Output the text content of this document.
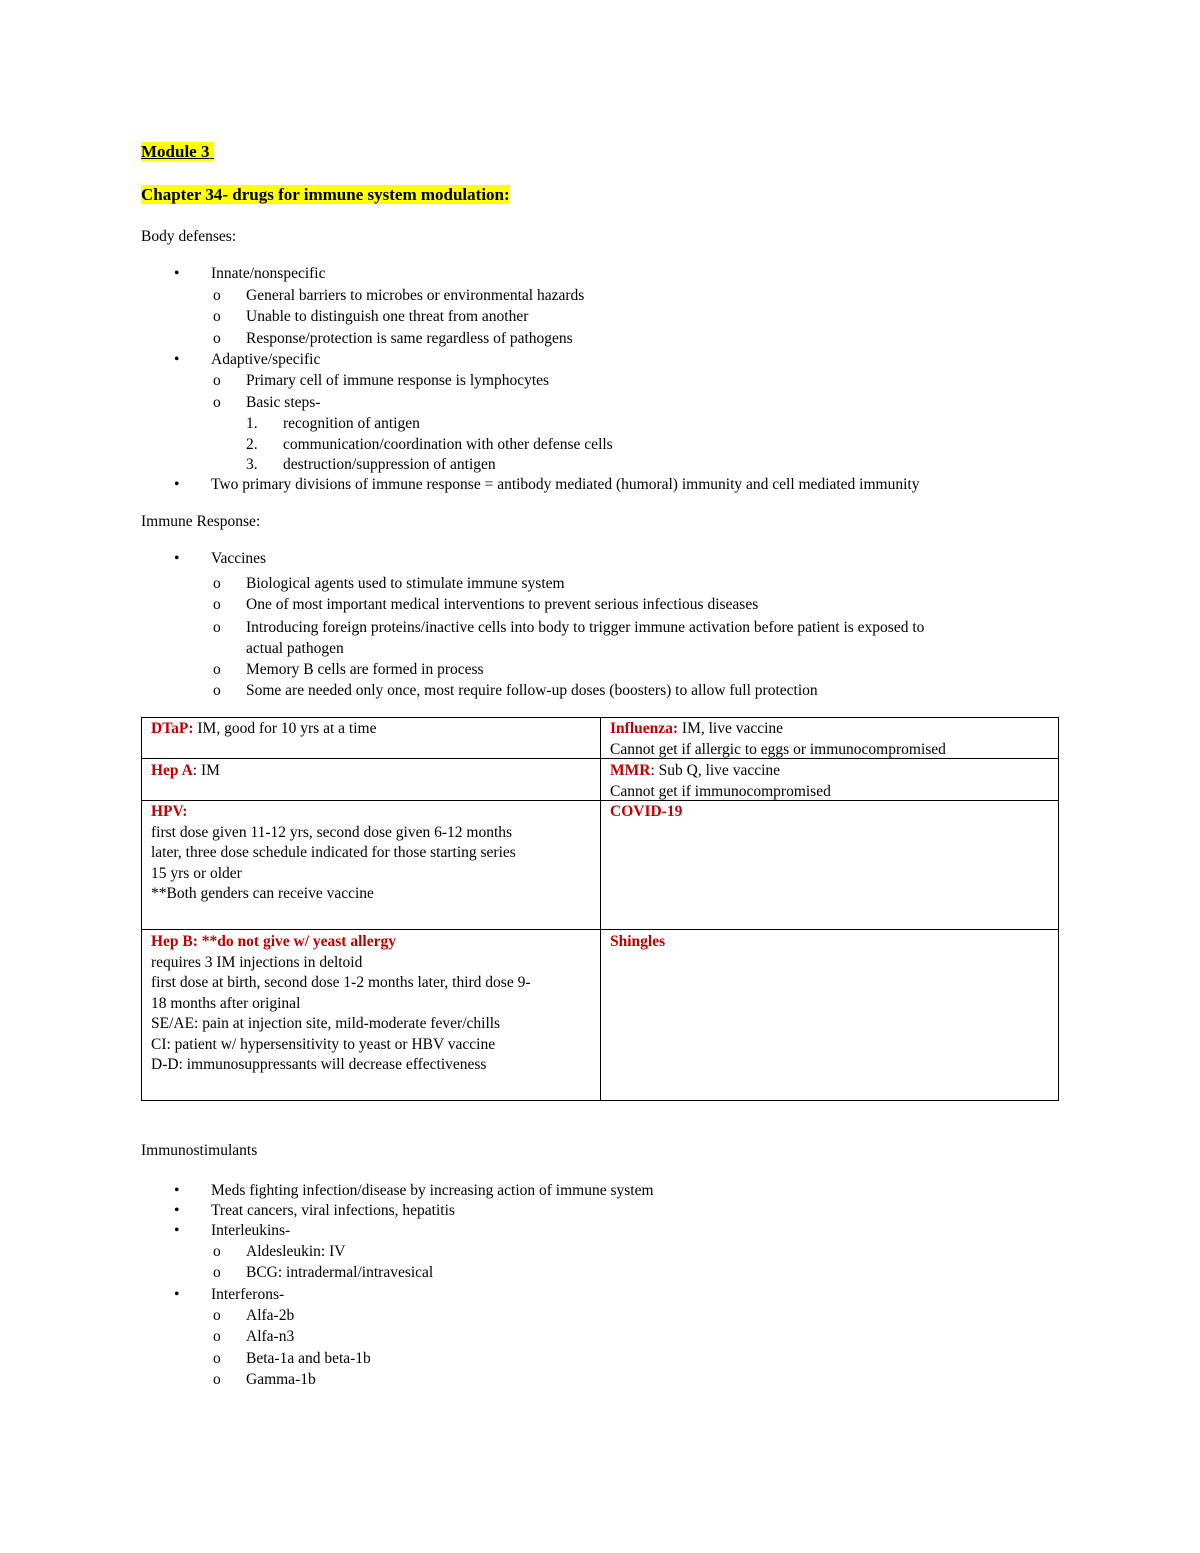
Module 3
Chapter 34- drugs for immune system modulation:
Body defenses:
• Innate/nonspecific
o General barriers to microbes or environmental hazards
o Unable to distinguish one threat from another
o Response/protection is same regardless of pathogens
• Adaptive/specific
o Primary cell of immune response is lymphocytes
o Basic steps-
1. recognition of antigen
2. communication/coordination with other defense cells
3. destruction/suppression of antigen
• Two primary divisions of immune response = antibody mediated (humoral) immunity and cell mediated immunity
Immune Response:
• Vaccines
o Biological agents used to stimulate immune system
o One of most important medical interventions to prevent serious infectious diseases
o Introducing foreign proteins/inactive cells into body to trigger immune activation before patient is exposed to
actual pathogen
o Memory B cells are formed in process
o Some are needed only once, most require follow-up doses (boosters) to allow full protection
DTaP: IM, good for 10 yrs at a time	Influenza: IM, live vaccine
Cannot get if allergic to eggs or immunocompromised
Hep A: IM	MMR: Sub Q, live vaccine
Cannot get if immunocompromised
HPV:
first dose given 11-12 yrs, second dose given 6-12 months
later, three dose schedule indicated for those starting series
15 yrs or older
**Both genders can receive vaccine
COVID-19
Hep B: **do not give w/ yeast allergy
requires 3 IM injections in deltoid
first dose at birth, second dose 1-2 months later, third dose 9-
18 months after original
SE/AE: pain at injection site, mild-moderate fever/chills
CI: patient w/ hypersensitivity to yeast or HBV vaccine
D-D: immunosuppressants will decrease effectiveness
Shingles
Immunostimulants
• Meds fighting infection/disease by increasing action of immune system
• Treat cancers, viral infections, hepatitis
• Interleukins-
o Aldesleukin: IV
o BCG: intradermal/intravesical
• Interferons-
o Alfa-2b
o Alfa-n3
o Beta-1a and beta-1b
o Gamma-1b
